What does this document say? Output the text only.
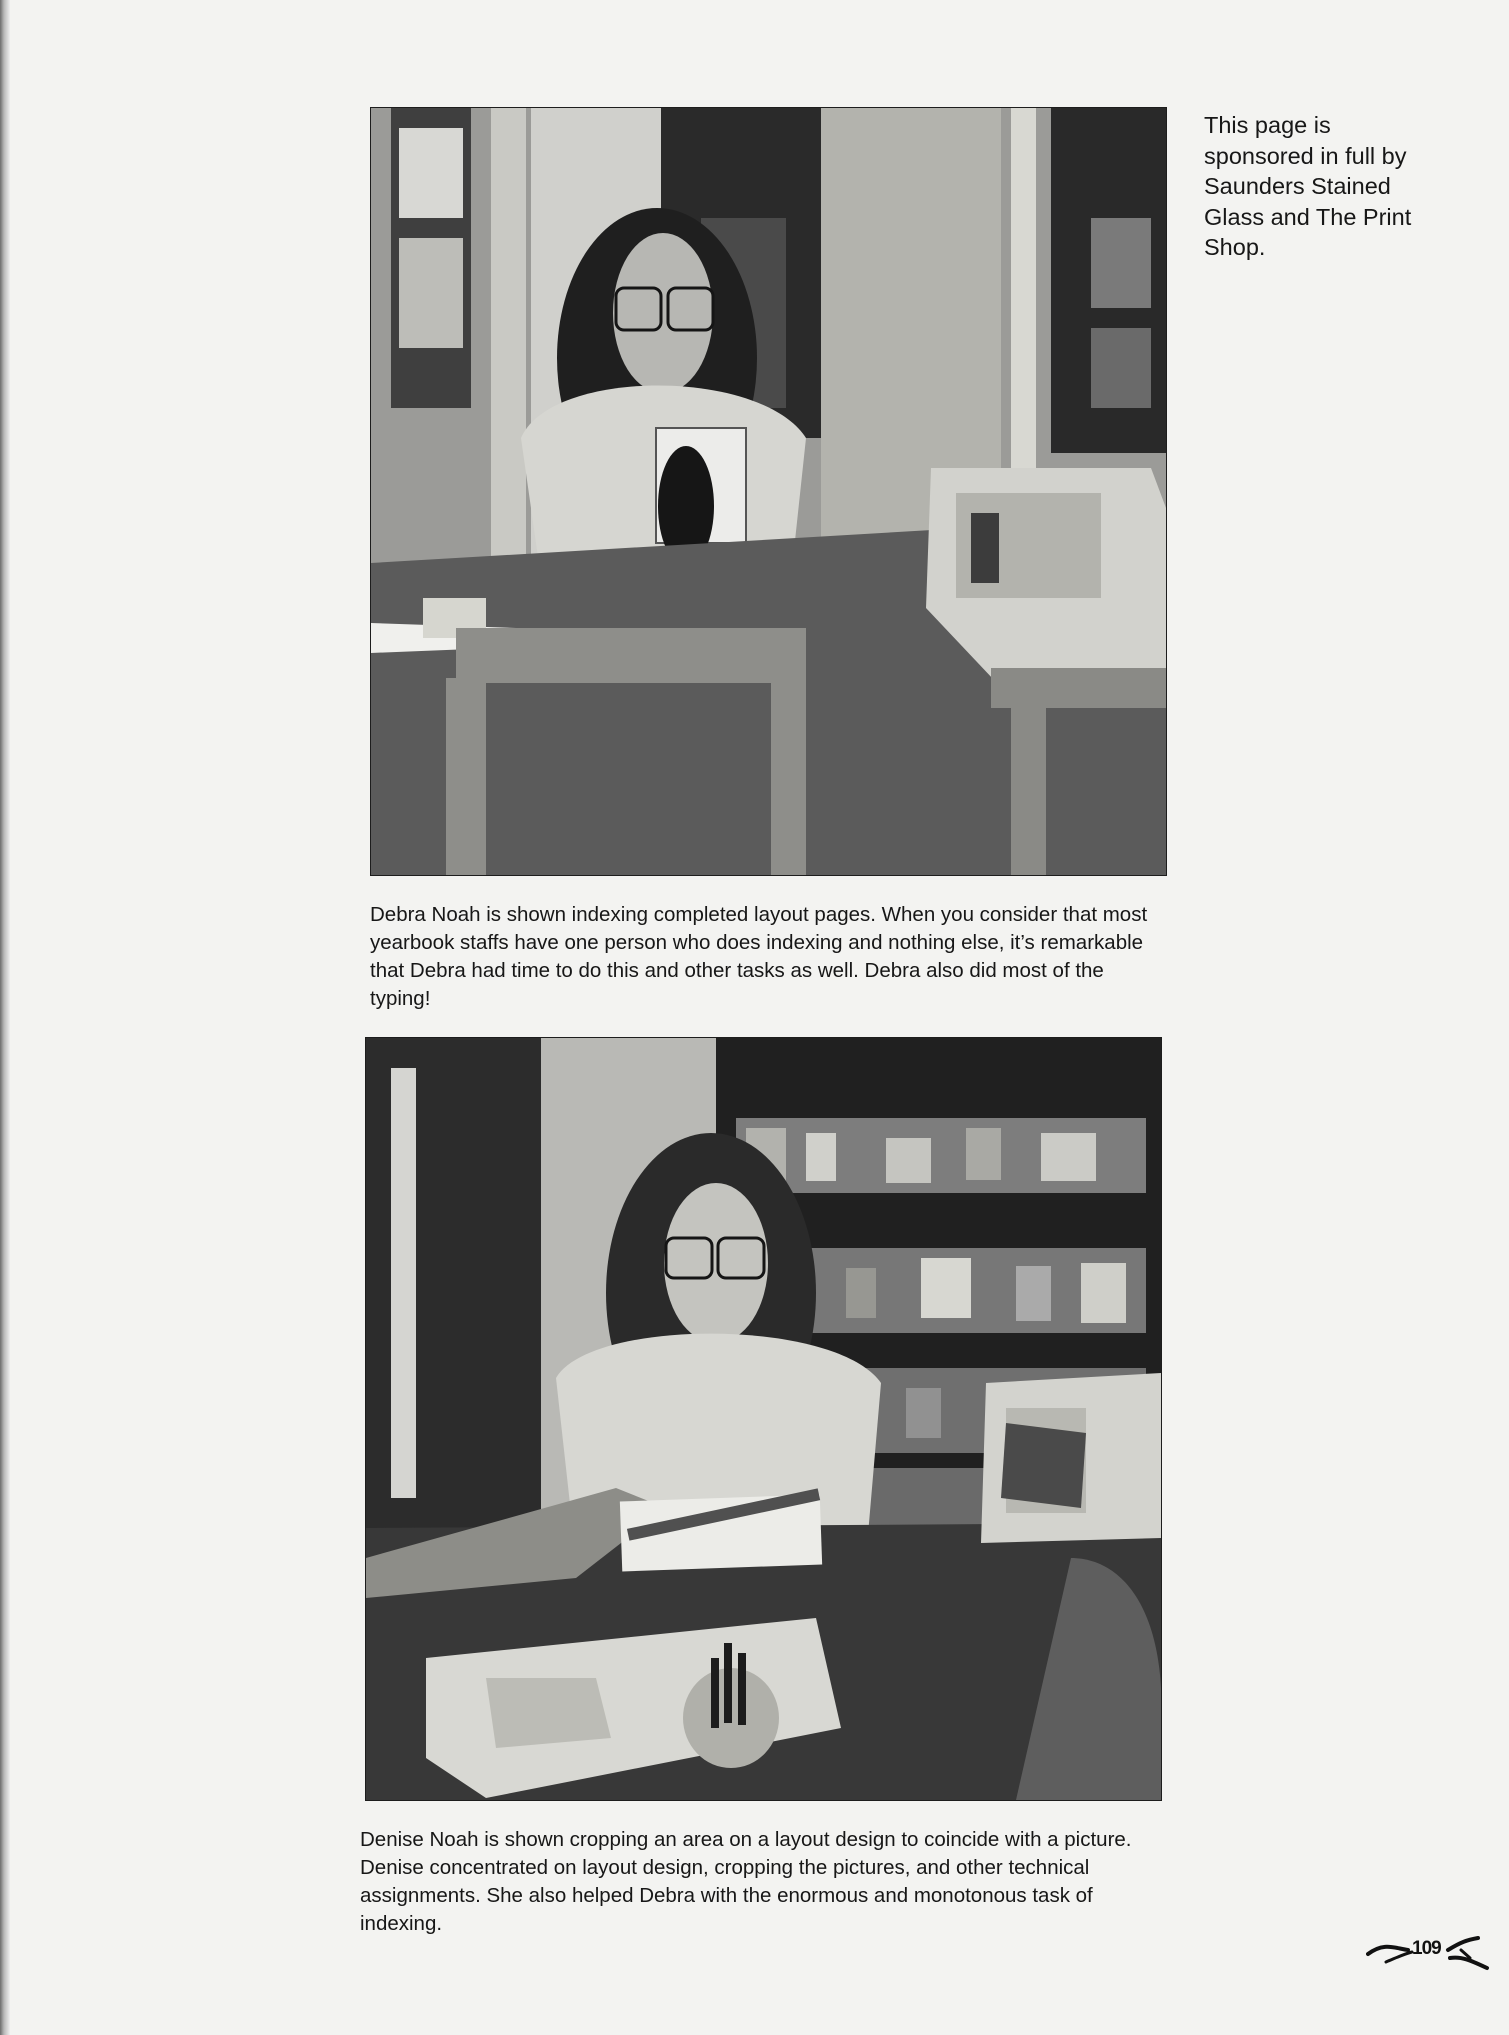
Debra Noah is shown indexing completed layout pages. When you consider that most yearbook staffs have one person who does indexing and nothing else, it’s remarkable that Debra had time to do this and other tasks as well. Debra also did most of the typing!

Denise Noah is shown cropping an area on a layout design to coincide with a picture. Denise concentrated on layout design, cropping the pictures, and other technical assignments. She also helped Debra with the enormous and monotonous task of indexing.

This page is sponsored in full by Saunders Stained Glass and The Print Shop.

109
